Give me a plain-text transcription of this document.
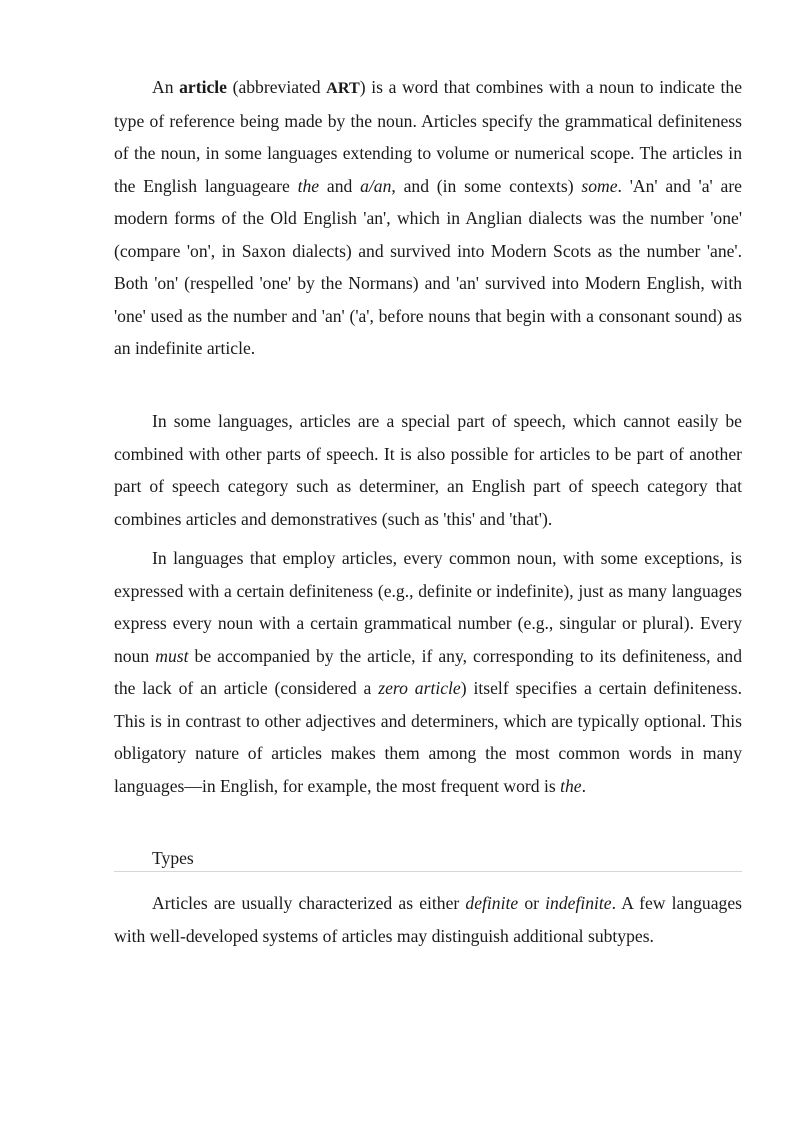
An article (abbreviated ART) is a word that combines with a noun to indicate the type of reference being made by the noun. Articles specify the grammatical definiteness of the noun, in some languages extending to volume or numerical scope. The articles in the English languageare the and a/an, and (in some contexts) some. 'An' and 'a' are modern forms of the Old English 'an', which in Anglian dialects was the number 'one' (compare 'on', in Saxon dialects) and survived into Modern Scots as the number 'ane'. Both 'on' (respelled 'one' by the Normans) and 'an' survived into Modern English, with 'one' used as the number and 'an' ('a', before nouns that begin with a consonant sound) as an indefinite article.

In some languages, articles are a special part of speech, which cannot easily be combined with other parts of speech. It is also possible for articles to be part of another part of speech category such as determiner, an English part of speech category that combines articles and demonstratives (such as 'this' and 'that').

In languages that employ articles, every common noun, with some exceptions, is expressed with a certain definiteness (e.g., definite or indefinite), just as many languages express every noun with a certain grammatical number (e.g., singular or plural). Every noun must be accompanied by the article, if any, corresponding to its definiteness, and the lack of an article (considered a zero article) itself specifies a certain definiteness. This is in contrast to other adjectives and determiners, which are typically optional. This obligatory nature of articles makes them among the most common words in many languages—in English, for example, the most frequent word is the.

Types

Articles are usually characterized as either definite or indefinite. A few languages with well-developed systems of articles may distinguish additional subtypes.
